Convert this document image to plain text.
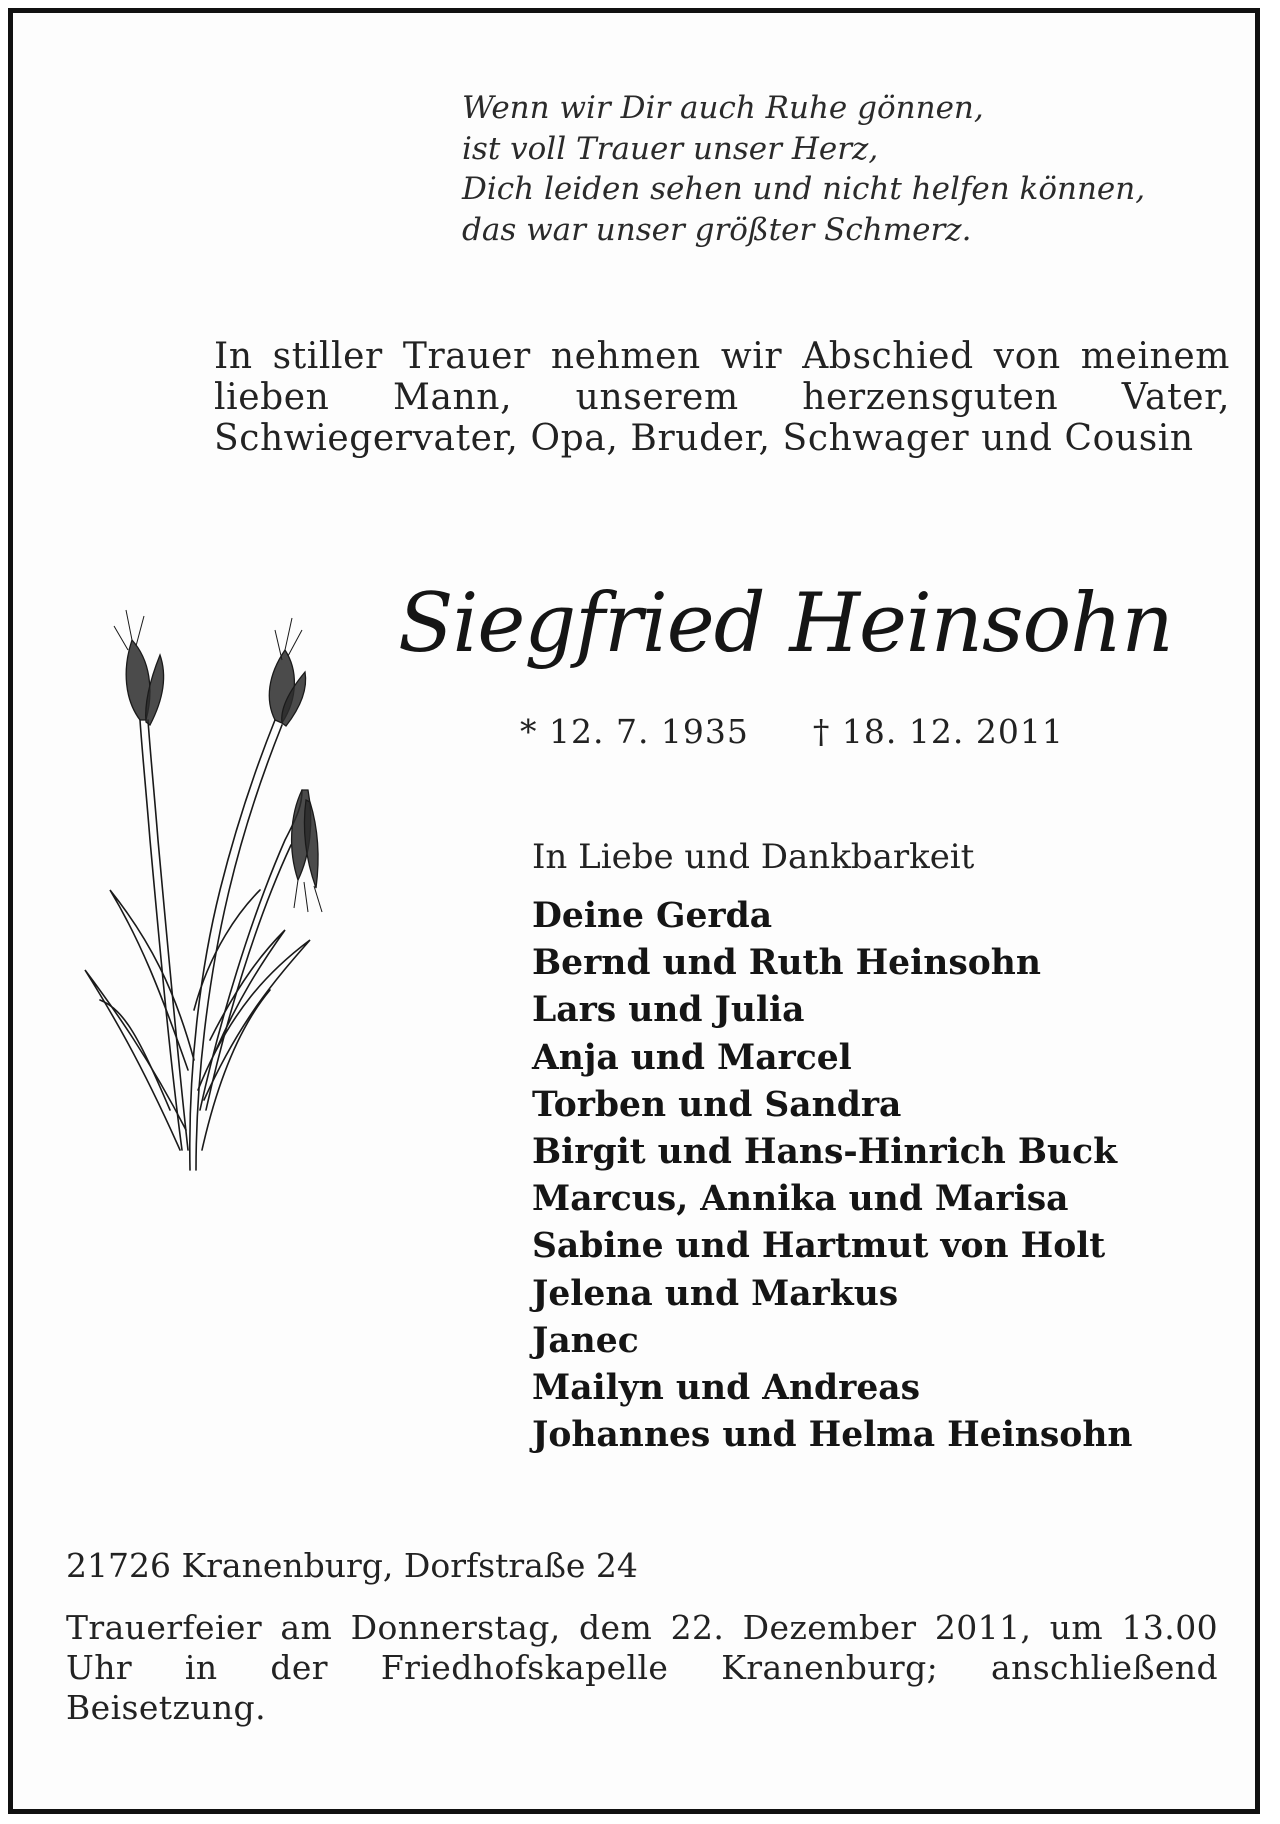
Wenn wir Dir auch Ruhe gönnen,
ist voll Trauer unser Herz,
Dich leiden sehen und nicht helfen können,
das war unser größter Schmerz.
In stiller Trauer nehmen wir Abschied von meinem lieben Mann, unserem herzensguten Vater, Schwiegervater, Opa, Bruder, Schwager und Cousin
Siegfried Heinsohn
* 12. 7. 1935 † 18. 12. 2011
In Liebe und Dankbarkeit
Deine Gerda
Bernd und Ruth Heinsohn
Lars und Julia
Anja und Marcel
Torben und Sandra
Birgit und Hans-Hinrich Buck
Marcus, Annika und Marisa
Sabine und Hartmut von Holt
Jelena und Markus
Janec
Mailyn und Andreas
Johannes und Helma Heinsohn
21726 Kranenburg, Dorfstraße 24
Trauerfeier am Donnerstag, dem 22. Dezember 2011, um 13.00 Uhr in der Friedhofskapelle Kranenburg; anschließend Beisetzung.
